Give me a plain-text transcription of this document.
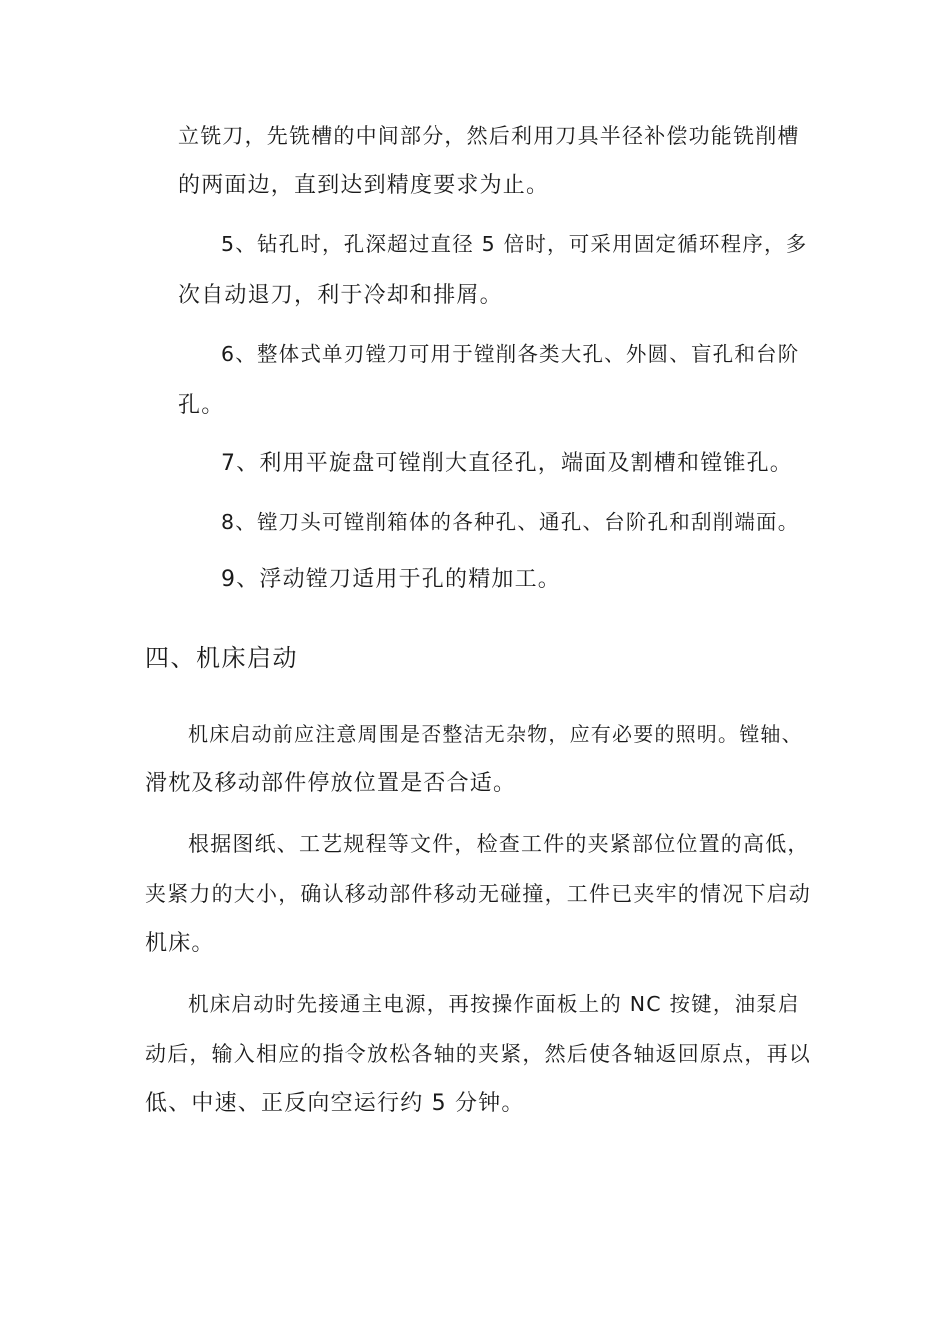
立铣刀，先铣槽的中间部分，然后利用刀具半径补偿功能铣削槽
的两面边，直到达到精度要求为止。
5、钻孔时，孔深超过直径 5 倍时，可采用固定循环程序，多
次自动退刀，利于冷却和排屑。
6、整体式单刃镗刀可用于镗削各类大孔、外圆、盲孔和台阶
孔。
7、利用平旋盘可镗削大直径孔，端面及割槽和镗锥孔。
8、镗刀头可镗削箱体的各种孔、通孔、台阶孔和刮削端面。
9、浮动镗刀适用于孔的精加工。
四、机床启动
机床启动前应注意周围是否整洁无杂物，应有必要的照明。镗轴、
滑枕及移动部件停放位置是否合适。
根据图纸、工艺规程等文件，检查工件的夹紧部位位置的高低，
夹紧力的大小，确认移动部件移动无碰撞，工件已夹牢的情况下启动
机床。
机床启动时先接通主电源，再按操作面板上的 NC 按键，油泵启
动后，输入相应的指令放松各轴的夹紧，然后使各轴返回原点，再以
低、中速、正反向空运行约 5 分钟。
